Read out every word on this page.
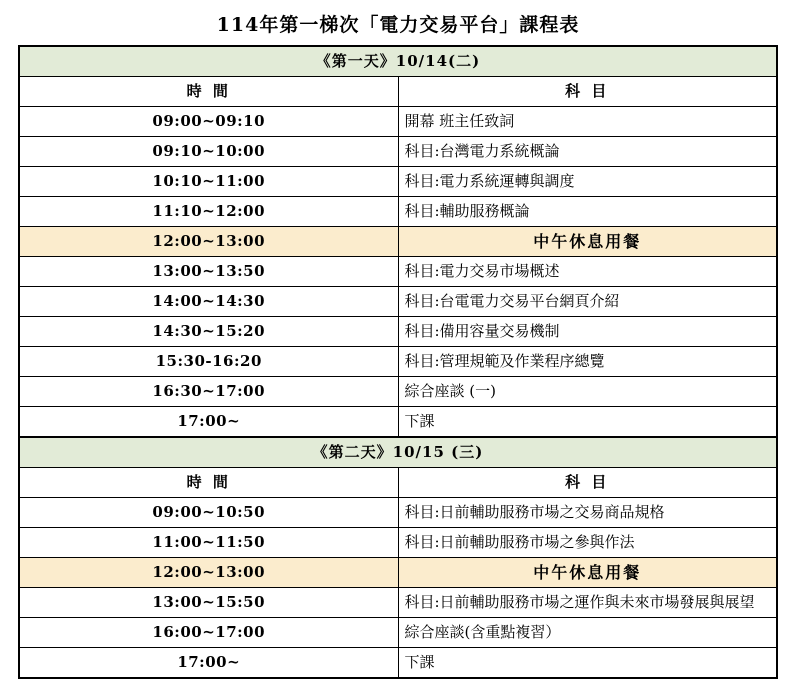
114年第一梯次「電力交易平台」課程表
《第一天》10/14(二)	
時 間	科 目
09:00~09:10	開幕 班主任致詞
09:10~10:00	科目:台灣電力系統概論
10:10~11:00	科目:電力系統運轉與調度
11:10~12:00	科目:輔助服務概論
12:00~13:00	中午休息用餐
13:00~13:50	科目:電力交易市場概述
14:00~14:30	科目:台電電力交易平台網頁介紹
14:30~15:20	科目:備用容量交易機制
15:30-16:20	科目:管理規範及作業程序總覽
16:30~17:00	綜合座談 (一)
17:00~	下課
《第二天》10/15 (三)	
時 間	科 目
09:00~10:50	科目:日前輔助服務市場之交易商品規格
11:00~11:50	科目:日前輔助服務市場之參與作法
12:00~13:00	中午休息用餐
13:00~15:50	科目:日前輔助服務市場之運作與未來市場發展與展望
16:00~17:00	綜合座談(含重點複習）
17:00~	下課
